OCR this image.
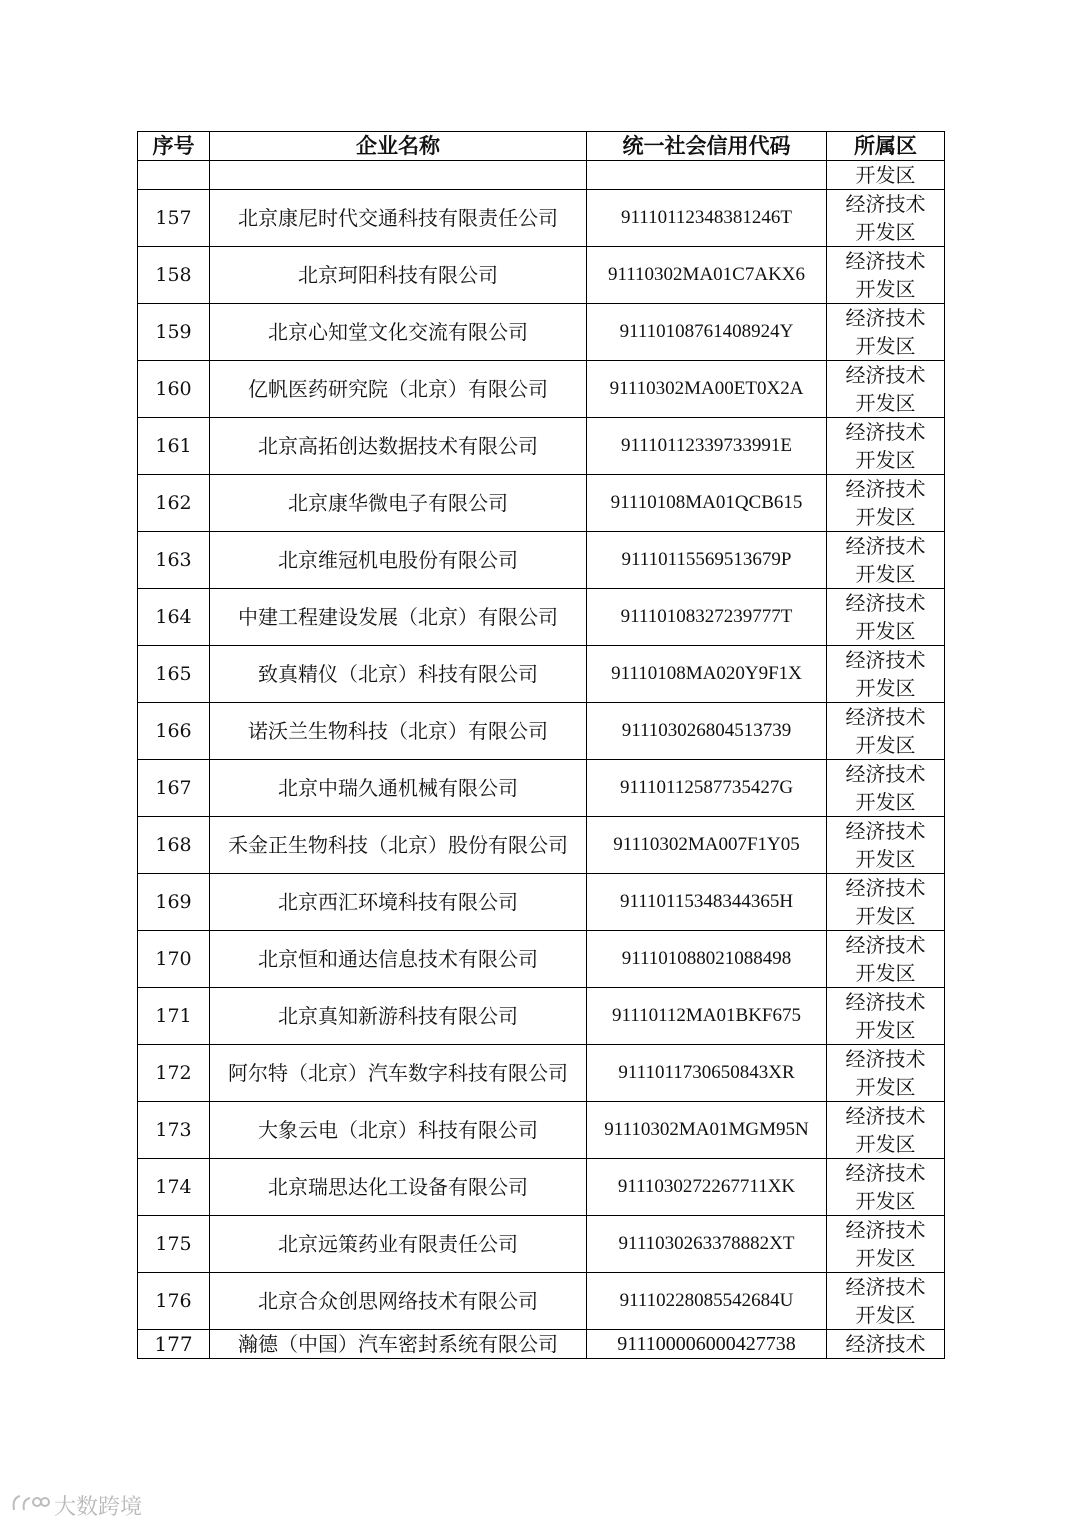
序号	企业名称	统一社会信用代码	所属区
			开发区
157	北京康尼时代交通科技有限责任公司	91110112348381246T	经济技术
开发区

158	北京珂阳科技有限公司	91110302MA01C7AKX6	经济技术
开发区

159	北京心知堂文化交流有限公司	91110108761408924Y	经济技术
开发区

160	亿帆医药研究院（北京）有限公司	91110302MA00ET0X2A	经济技术
开发区

161	北京高拓创达数据技术有限公司	91110112339733991E	经济技术
开发区

162	北京康华微电子有限公司	91110108MA01QCB615	经济技术
开发区

163	北京维冠机电股份有限公司	91110115569513679P	经济技术
开发区

164	中建工程建设发展（北京）有限公司	91110108327239777T	经济技术
开发区

165	致真精仪（北京）科技有限公司	91110108MA020Y9F1X	经济技术
开发区

166	诺沃兰生物科技（北京）有限公司	911103026804513739	经济技术
开发区

167	北京中瑞久通机械有限公司	91110112587735427G	经济技术
开发区

168	禾金正生物科技（北京）股份有限公司	91110302MA007F1Y05	经济技术
开发区

169	北京西汇环境科技有限公司	91110115348344365H	经济技术
开发区

170	北京恒和通达信息技术有限公司	911101088021088498	经济技术
开发区

171	北京真知新游科技有限公司	91110112MA01BKF675	经济技术
开发区

172	阿尔特（北京）汽车数字科技有限公司	9111011730650843XR	经济技术
开发区

173	大象云电（北京）科技有限公司	91110302MA01MGM95N	经济技术
开发区

174	北京瑞思达化工设备有限公司	9111030272267711XK	经济技术
开发区

175	北京远策药业有限责任公司	9111030263378882XT	经济技术
开发区

176	北京合众创思网络技术有限公司	91110228085542684U	经济技术
开发区

177	瀚德（中国）汽车密封系统有限公司	911100006000427738	经济技术
大数跨境
